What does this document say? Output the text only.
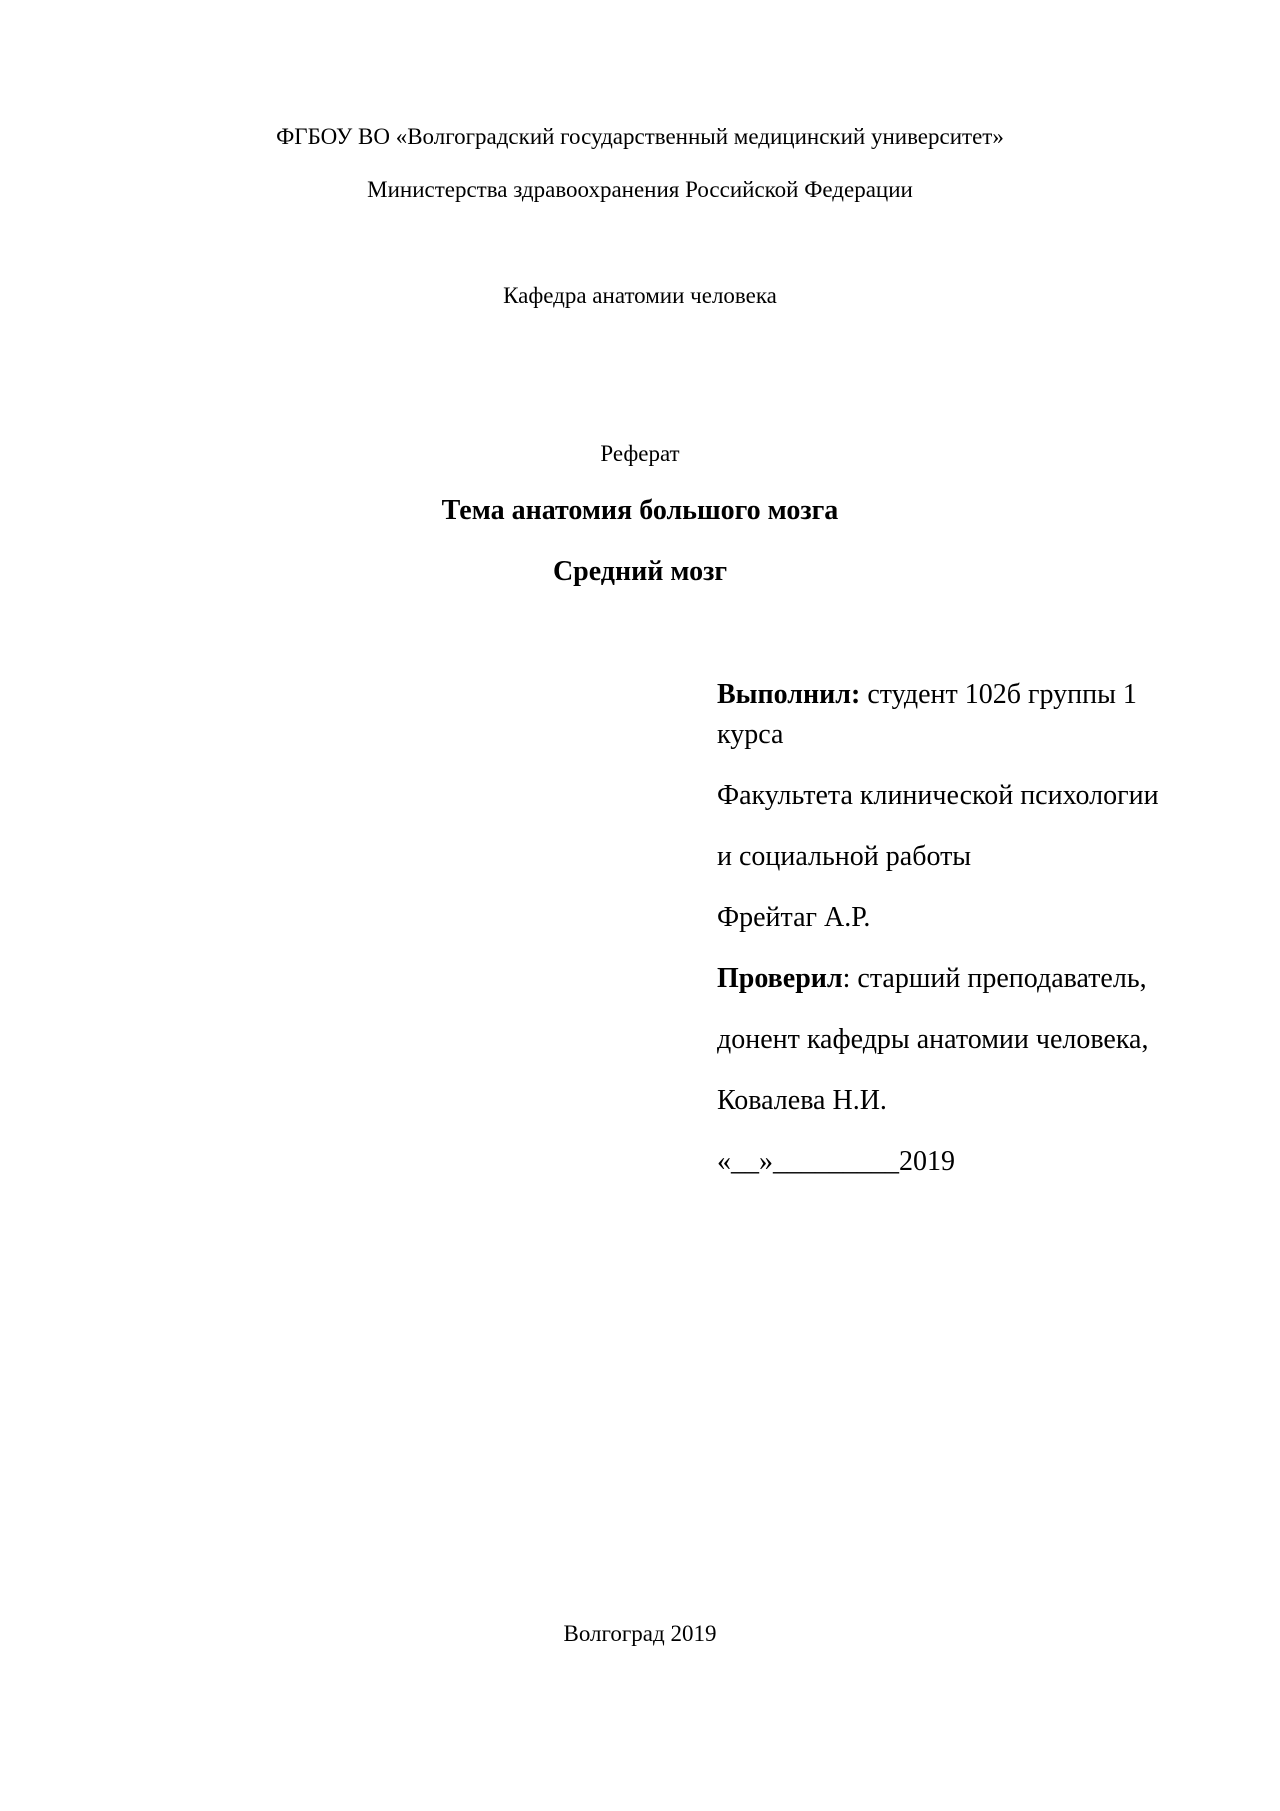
ФГБОУ ВО «Волгоградский государственный медицинский университет»
Министерства здравоохранения Российской Федерации
Кафедра анатомии человека
Реферат
Тема анатомия большого мозга
Средний мозг

Выполнил: студент 102б группы 1 курса

Факультета клинической психологии

и социальной работы

Фрейтаг А.Р.

Проверил: старший преподаватель,

донент кафедры анатомии человека,

Ковалева Н.И.

«__»_________2019

Волгоград 2019
